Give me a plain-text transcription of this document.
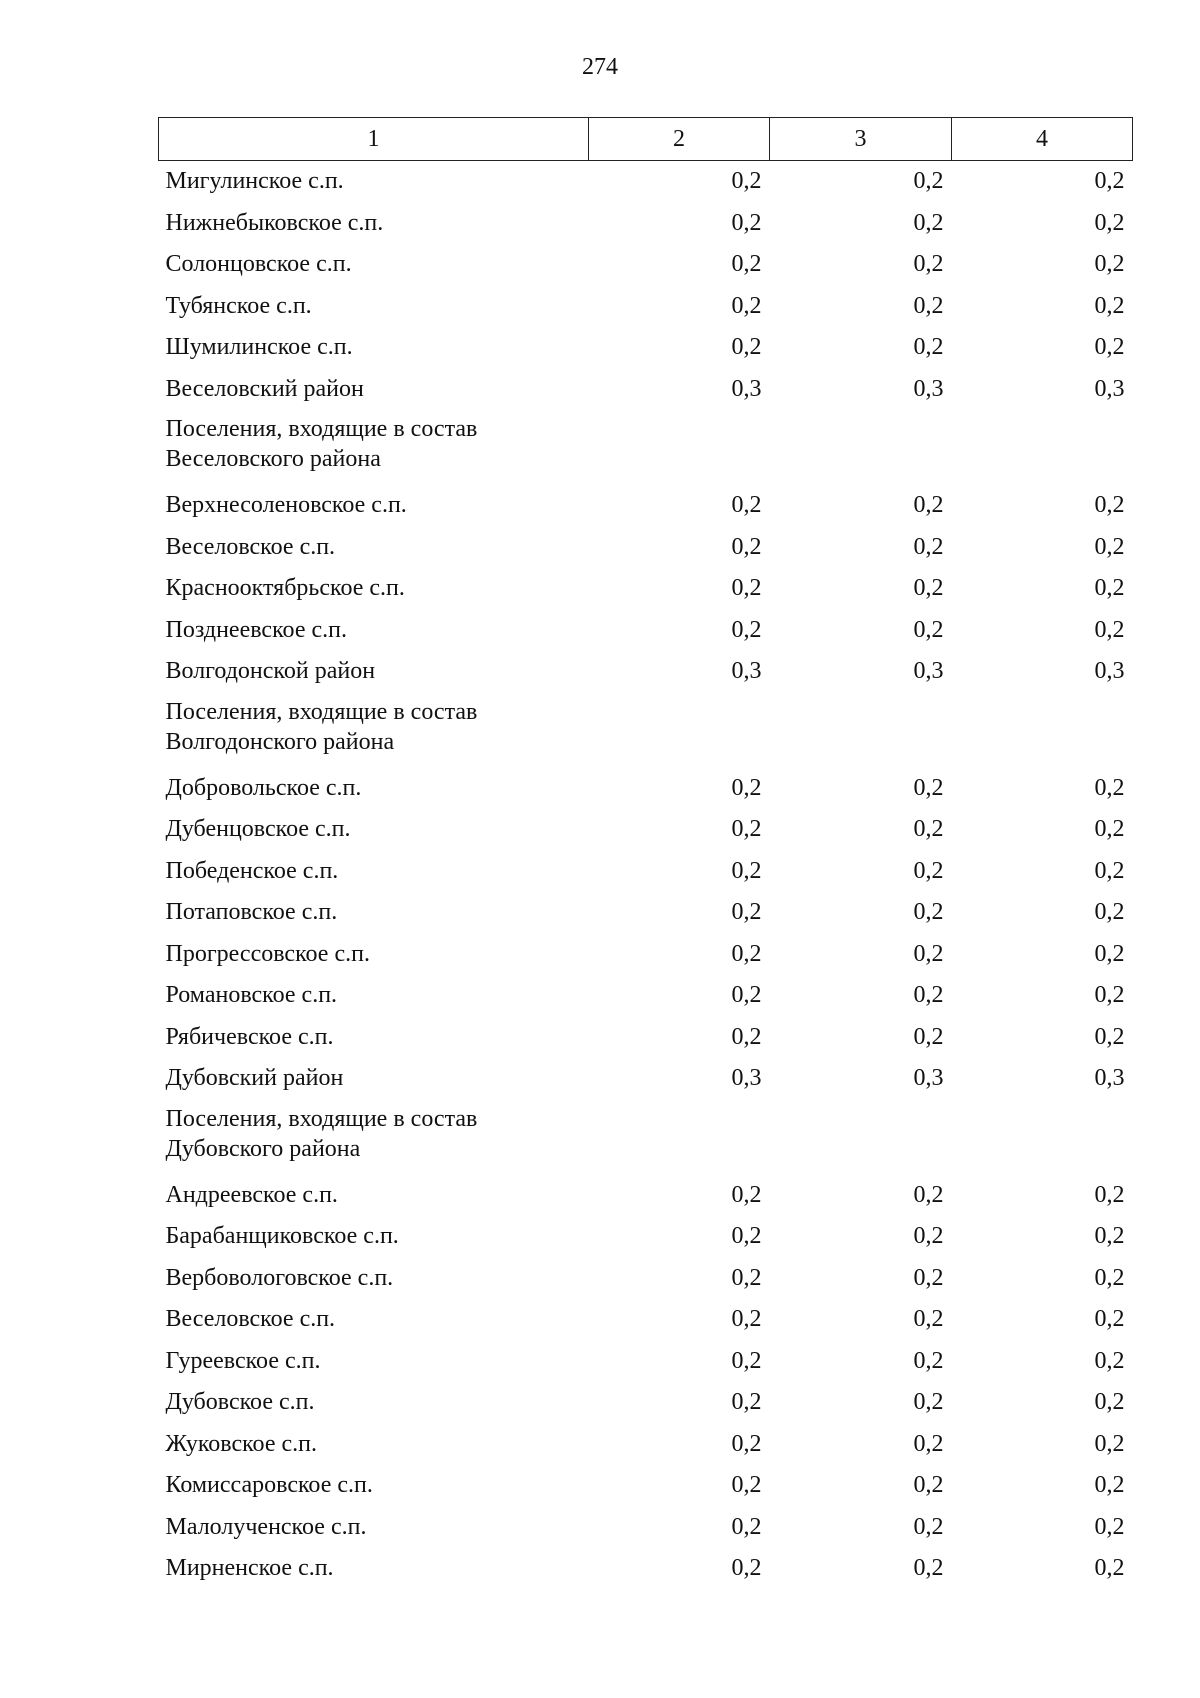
274
1	2	3	4
Мигулинское с.п.	0,2	0,2	0,2
Нижнебыковское с.п.	0,2	0,2	0,2
Солонцовское с.п.	0,2	0,2	0,2
Тубянское с.п.	0,2	0,2	0,2
Шумилинское с.п.	0,2	0,2	0,2
Веселовский район	0,3	0,3	0,3

Поселения, входящие в состав
Веселовского района			

Верхнесоленовское с.п.	0,2	0,2	0,2
Веселовское с.п.	0,2	0,2	0,2
Краснооктябрьское с.п.	0,2	0,2	0,2
Позднеевское с.п.	0,2	0,2	0,2
Волгодонской район	0,3	0,3	0,3

Поселения, входящие в состав
Волгодонского района			

Добровольское с.п.	0,2	0,2	0,2
Дубенцовское с.п.	0,2	0,2	0,2
Победенское с.п.	0,2	0,2	0,2
Потаповское с.п.	0,2	0,2	0,2
Прогрессовское с.п.	0,2	0,2	0,2
Романовское с.п.	0,2	0,2	0,2
Рябичевское с.п.	0,2	0,2	0,2
Дубовский район	0,3	0,3	0,3

Поселения, входящие в состав
Дубовского района			

Андреевское с.п.	0,2	0,2	0,2
Барабанщиковское с.п.	0,2	0,2	0,2
Вербовологовское с.п.	0,2	0,2	0,2
Веселовское с.п.	0,2	0,2	0,2
Гуреевское с.п.	0,2	0,2	0,2
Дубовское с.п.	0,2	0,2	0,2
Жуковское с.п.	0,2	0,2	0,2
Комиссаровское с.п.	0,2	0,2	0,2
Малолученское с.п.	0,2	0,2	0,2
Мирненское с.п.	0,2	0,2	0,2
